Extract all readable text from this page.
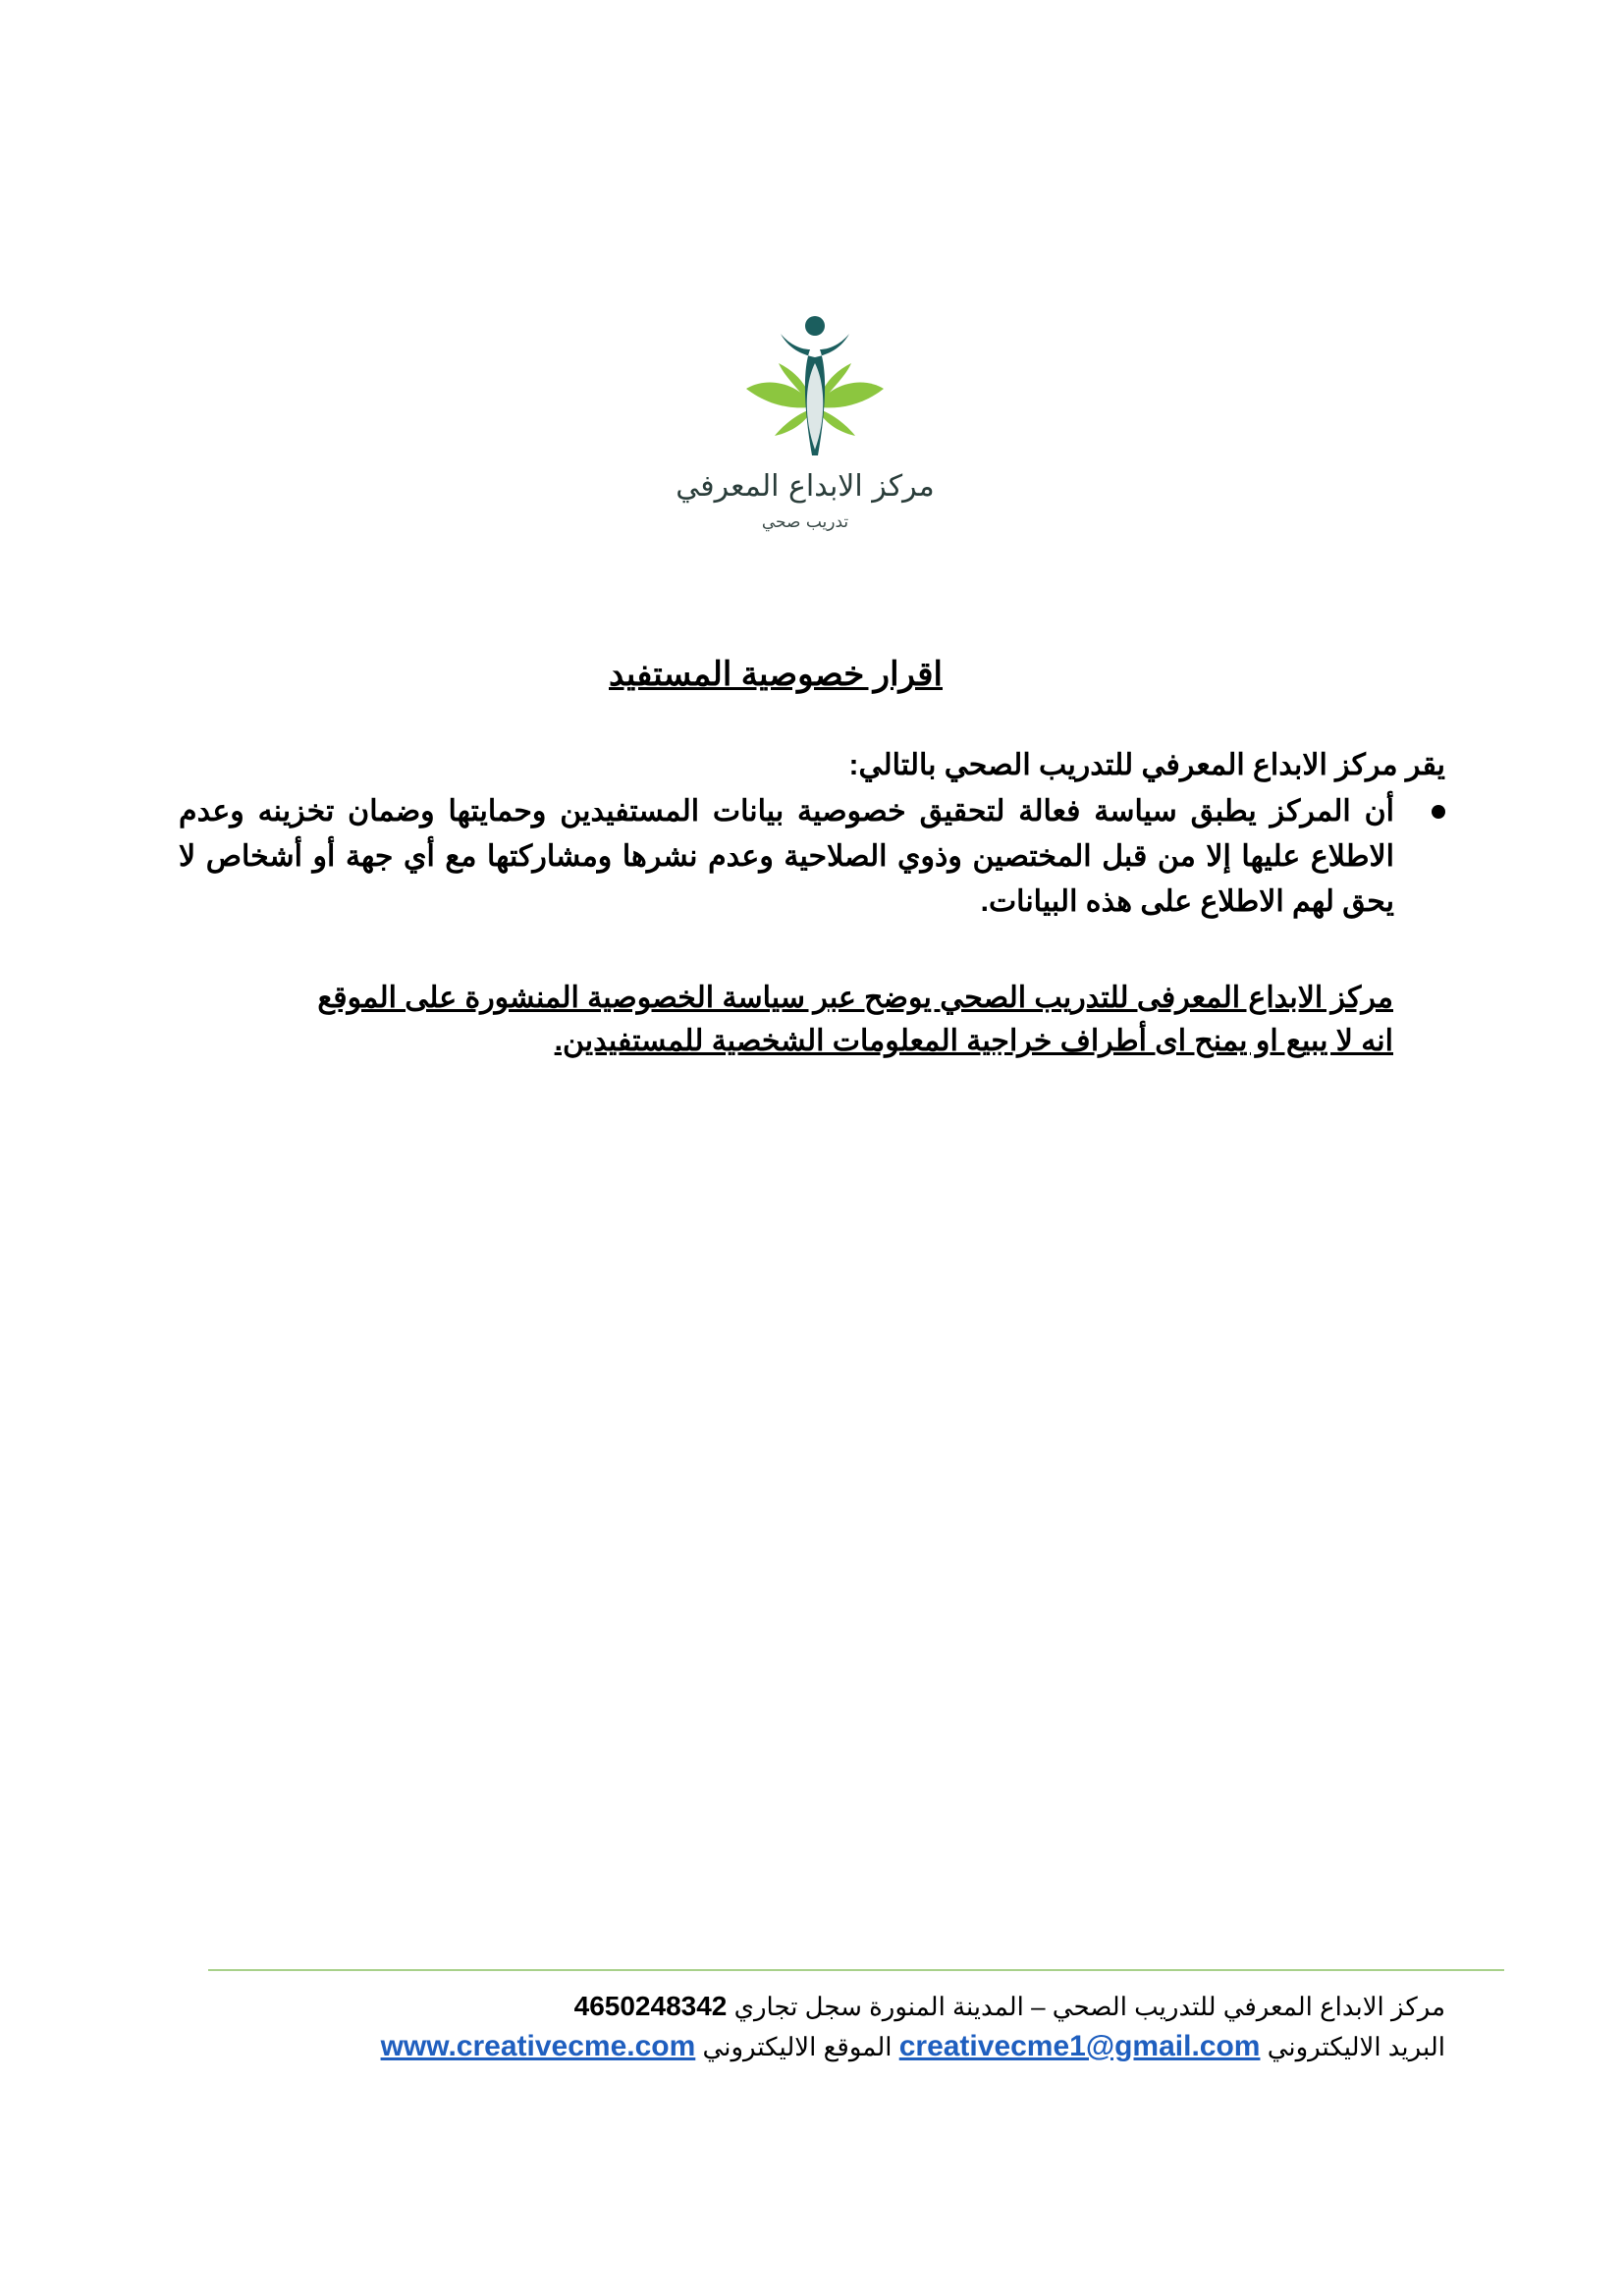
مركز الابداع المعرفي
تدريب صحي
اقرار خصوصية المستفيد
يقر مركز الابداع المعرفي للتدريب الصحي بالتالي:
أن المركز يطبق سياسة فعالة لتحقيق خصوصية بيانات المستفيدين وحمايتها وضمان تخزينه وعدم الاطلاع عليها إلا من قبل المختصين وذوي الصلاحية وعدم نشرها ومشاركتها مع أي جهة أو أشخاص لا يحق لهم الاطلاع على هذه البيانات.
مركز الابداع المعرفى للتدريب الصحي يوضح عبر سياسة الخصوصية المنشورة على الموقع
انه لا يبيع او يمنح اى أطراف خراجية المعلومات الشخصية للمستفيدين.
مركز الابداع المعرفي للتدريب الصحي – المدينة المنورة سجل تجاري 4650248342
البريد الاليكتروني creativecme1@gmail.com الموقع الاليكتروني www.creativecme.com
